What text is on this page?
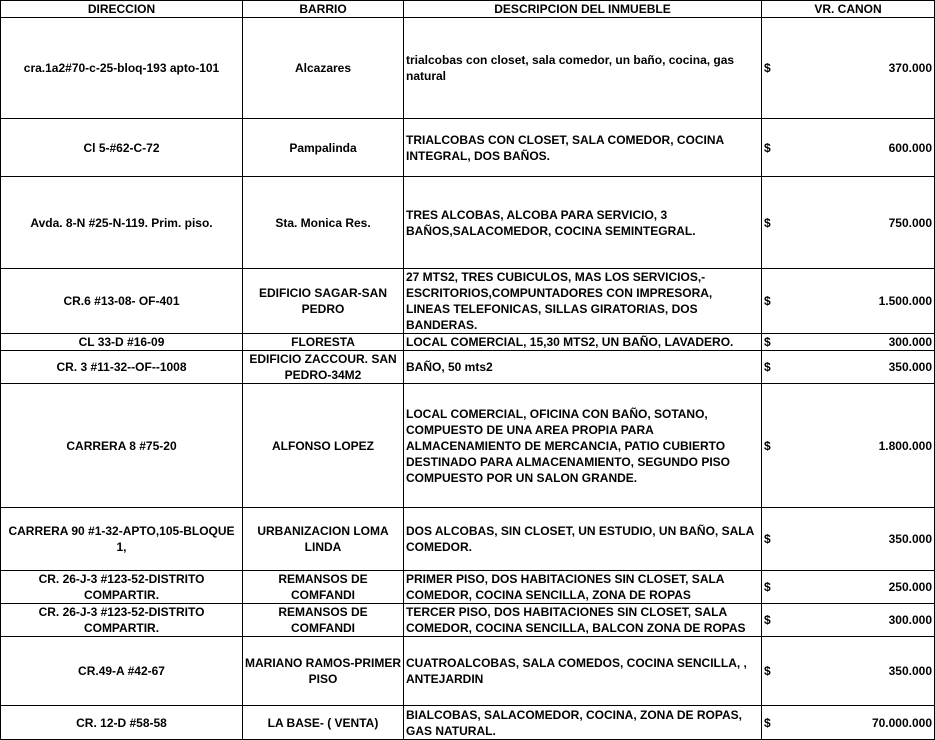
DIRECCION	BARRIO	DESCRIPCION DEL INMUEBLE	VR. CANON
cra.1a2#70-c-25-bloq-193 apto-101	Alcazares	trialcobas con closet, sala comedor, un baño, cocina, gas natural	$ 370.000

Cl 5-#62-C-72	Pampalinda	TRIALCOBAS CON CLOSET, SALA COMEDOR, COCINA INTEGRAL, DOS BAÑOS.	$ 600.000

Avda. 8-N #25-N-119. Prim. piso.	Sta. Monica Res.	TRES ALCOBAS, ALCOBA PARA SERVICIO, 3 BAÑOS,SALACOMEDOR, COCINA SEMINTEGRAL.	$ 750.000

CR.6 #13-08- OF-401	EDIFICIO SAGAR-SAN PEDRO	27 MTS2, TRES CUBICULOS, MAS LOS SERVICIOS,-ESCRITORIOS,COMPUNTADORES CON IMPRESORA, LINEAS TELEFONICAS, SILLAS GIRATORIAS, DOS BANDERAS.	$ 1.500.000

CL 33-D #16-09	FLORESTA	LOCAL COMERCIAL, 15,30 MTS2, UN BAÑO, LAVADERO.	$ 300.000

CR. 3 #11-32--OF--1008	EDIFICIO ZACCOUR. SAN PEDRO-34M2	BAÑO, 50 mts2	$ 350.000

CARRERA 8 #75-20	ALFONSO LOPEZ	LOCAL COMERCIAL, OFICINA CON BAÑO, SOTANO, COMPUESTO DE UNA AREA PROPIA PARA ALMACENAMIENTO DE MERCANCIA, PATIO CUBIERTO DESTINADO PARA ALMACENAMIENTO, SEGUNDO PISO COMPUESTO POR UN SALON GRANDE.	$ 1.800.000

CARRERA 90 #1-32-APTO,105-BLOQUE 1,	URBANIZACION LOMA LINDA	DOS ALCOBAS, SIN CLOSET, UN ESTUDIO, UN BAÑO, SALA COMEDOR.	$ 350.000

CR. 26-J-3 #123-52-DISTRITO COMPARTIR.	REMANSOS DE COMFANDI	PRIMER PISO, DOS HABITACIONES SIN CLOSET, SALA COMEDOR, COCINA SENCILLA, ZONA DE ROPAS	$ 250.000

CR. 26-J-3 #123-52-DISTRITO COMPARTIR.	REMANSOS DE COMFANDI	TERCER PISO, DOS HABITACIONES SIN CLOSET, SALA COMEDOR, COCINA SENCILLA, BALCON ZONA DE ROPAS	$ 300.000

CR.49-A #42-67	MARIANO RAMOS-PRIMER PISO	CUATROALCOBAS, SALA COMEDOS, COCINA SENCILLA, , ANTEJARDIN	$ 350.000

CR. 12-D #58-58	LA BASE- ( VENTA)	BIALCOBAS, SALACOMEDOR, COCINA, ZONA DE ROPAS, GAS NATURAL.	$ 70.000.000
